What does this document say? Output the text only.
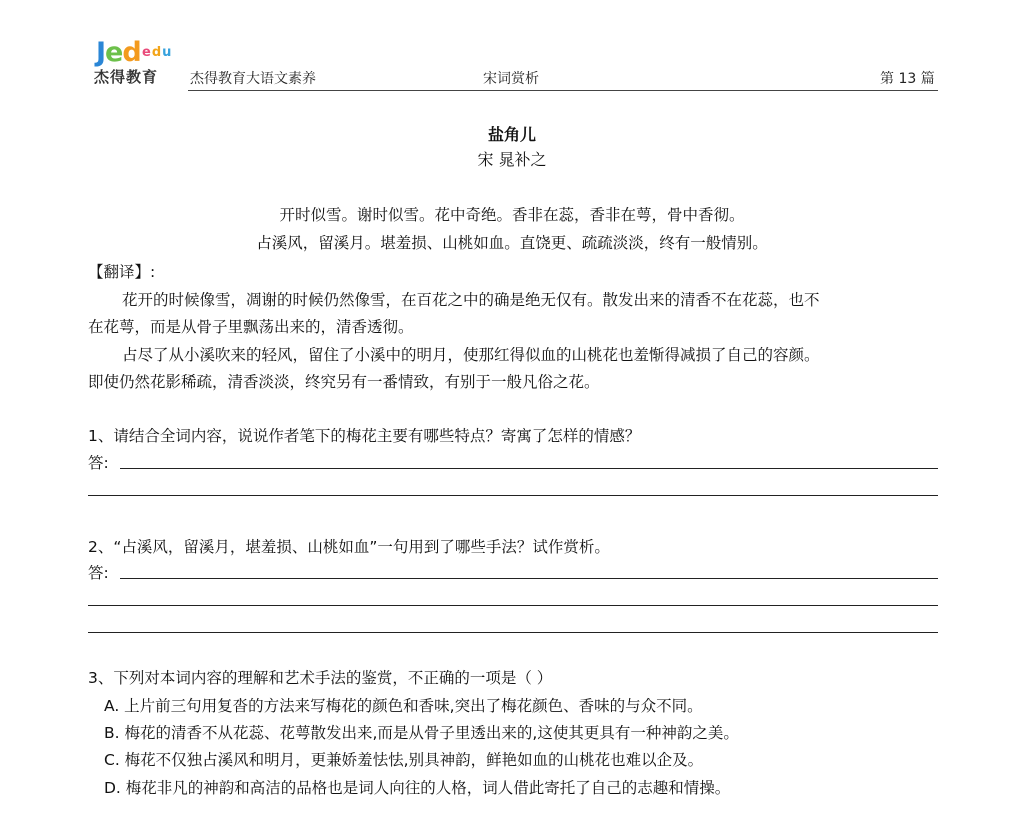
Jed edu
杰得教育 杰得教育大语文素养	宋词赏析	第 13 篇
盐角儿
宋 晁补之
开时似雪。谢时似雪。花中奇绝。香非在蕊，香非在萼，骨中香彻。
占溪风，留溪月。堪羞损、山桃如血。直饶更、疏疏淡淡，终有一般情别。
【翻译】:
花开的时候像雪，凋谢的时候仍然像雪，在百花之中的确是绝无仅有。散发出来的清香不在花蕊，也不
在花萼，而是从骨子里飘荡出来的，清香透彻。
占尽了从小溪吹来的轻风，留住了小溪中的明月，使那红得似血的山桃花也羞惭得减损了自己的容颜。
即使仍然花影稀疏，清香淡淡，终究另有一番情致，有别于一般凡俗之花。
1、请结合全词内容，说说作者笔下的梅花主要有哪些特点？寄寓了怎样的情感？
答:
2、“占溪风，留溪月，堪羞损、山桃如血”一句用到了哪些手法？试作赏析。
答:
3、下列对本词内容的理解和艺术手法的鉴赏，不正确的一项是（ ）
A. 上片前三句用复沓的方法来写梅花的颜色和香味,突出了梅花颜色、香味的与众不同。
B. 梅花的清香不从花蕊、花萼散发出来,而是从骨子里透出来的,这使其更具有一种神韵之美。
C. 梅花不仅独占溪风和明月，更兼娇羞怯怯,别具神韵，鲜艳如血的山桃花也难以企及。
D. 梅花非凡的神韵和高洁的品格也是词人向往的人格，词人借此寄托了自己的志趣和情操。
